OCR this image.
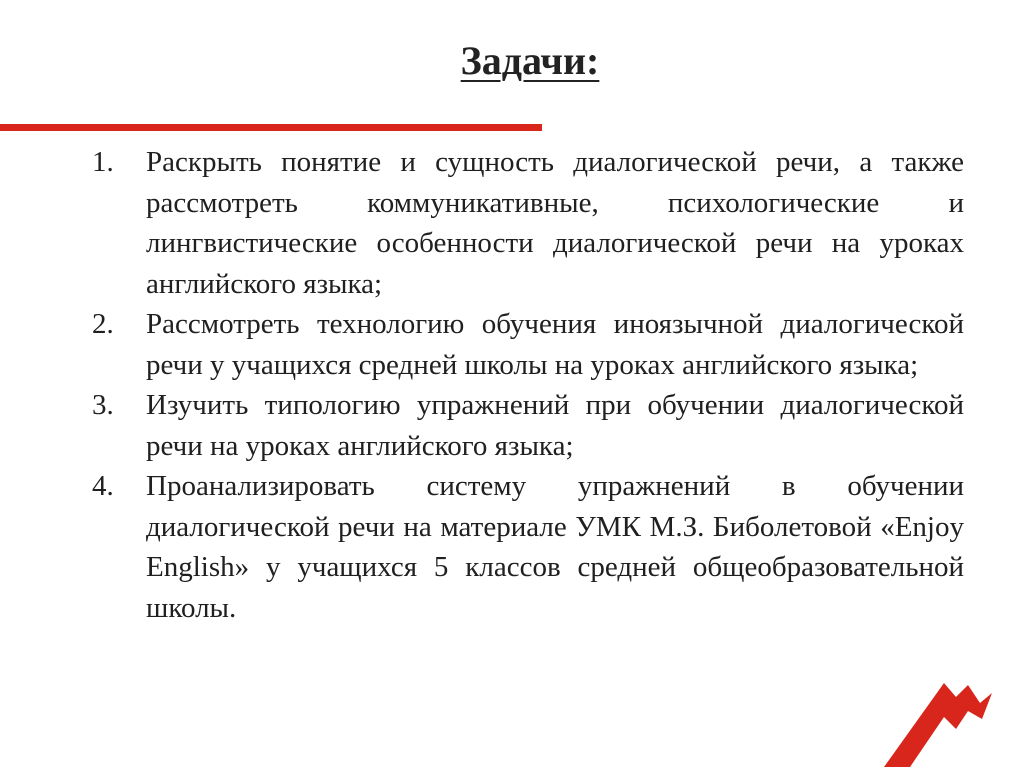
Задачи:
1. Раскрыть понятие и сущность диалогической речи, а также рассмотреть коммуникативные, психологические и лингвистические особенности диалогической речи на уроках английского языка;
2. Рассмотреть технологию обучения иноязычной диалогической речи у учащихся средней школы на уроках английского языка;
3. Изучить типологию упражнений при обучении диалогической речи на уроках английского языка;
4. Проанализировать систему упражнений в обучении диалогической речи на материале УМК М.З. Биболетовой «Enjoy English» у учащихся 5 классов средней общеобразовательной школы.
